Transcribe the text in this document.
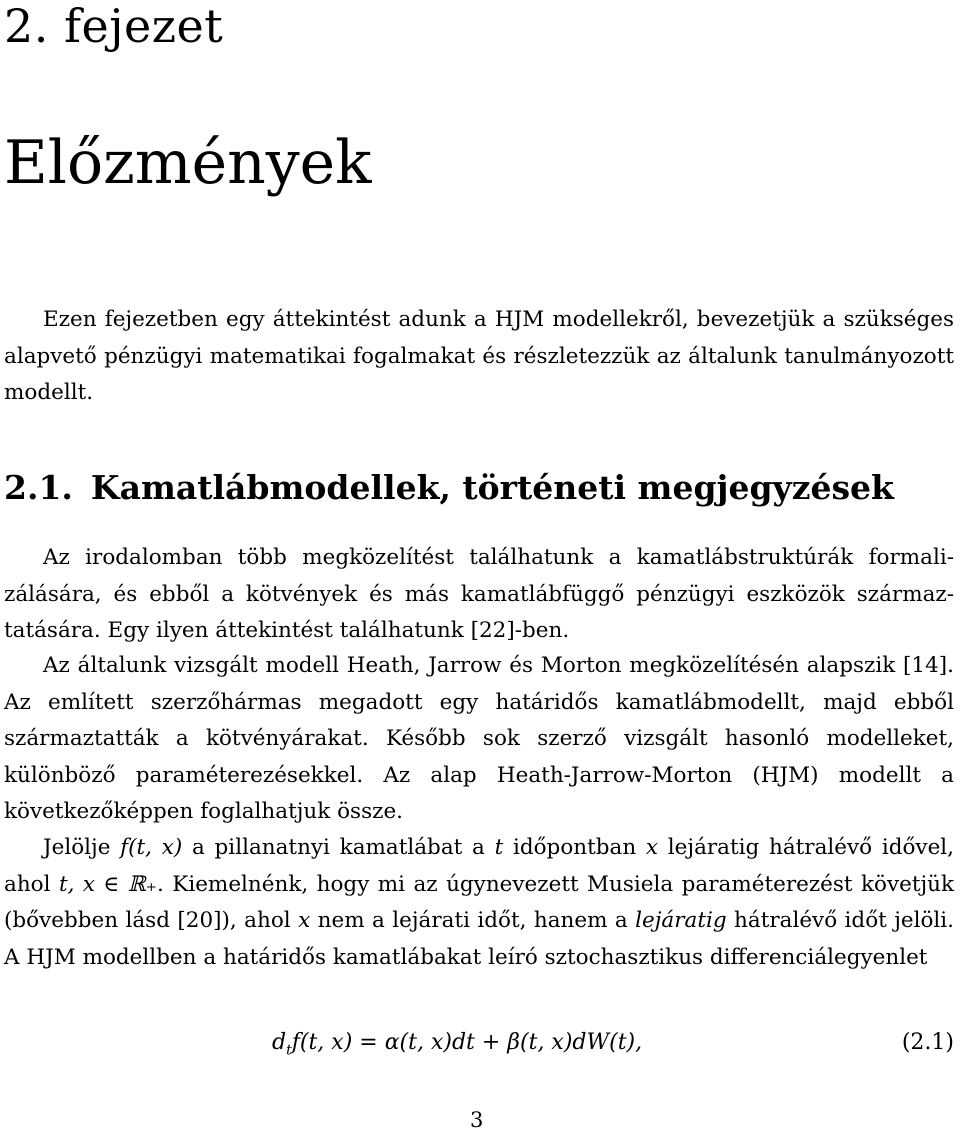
2. fejezet
Előzmények
Ezen fejezetben egy áttekintést adunk a HJM modellekről, bevezetjük a szükséges alapvető pénzügyi matematikai fogalmakat és részletezzük az általunk tanulmányozott modellt.
2.1. Kamatlábmodellek, történeti megjegyzések
Az irodalomban több megközelítést találhatunk a kamatlábstruktúrák formalizálására, és ebből a kötvények és más kamatlábfüggő pénzügyi eszközök származtatására. Egy ilyen áttekintést találhatunk [22]-ben.
Az általunk vizsgált modell Heath, Jarrow és Morton megközelítésén alapszik [14]. Az említett szerzőhármas megadott egy határidős kamatlábmodellt, majd ebből származtatták a kötvényárakat. Később sok szerző vizsgált hasonló modelleket, különböző paraméterezésekkel. Az alap Heath-Jarrow-Morton (HJM) modellt a következőképpen foglalhatjuk össze.
Jelölje f(t, x) a pillanatnyi kamatlábat a t időpontban x lejáratig hátralévő idővel, ahol t, x ∈ ℝ₊. Kiemelnénk, hogy mi az úgynevezett Musiela paraméterezést követjük (bővebben lásd [20]), ahol x nem a lejárati időt, hanem a lejáratig hátralévő időt jelöli. A HJM modellben a határidős kamatlábakat leíró sztochasztikus differenciálegyenlet
$d_tf(t$, x) = α(t, x)dt + β(t, x)dW(t),	(2.1)
3
